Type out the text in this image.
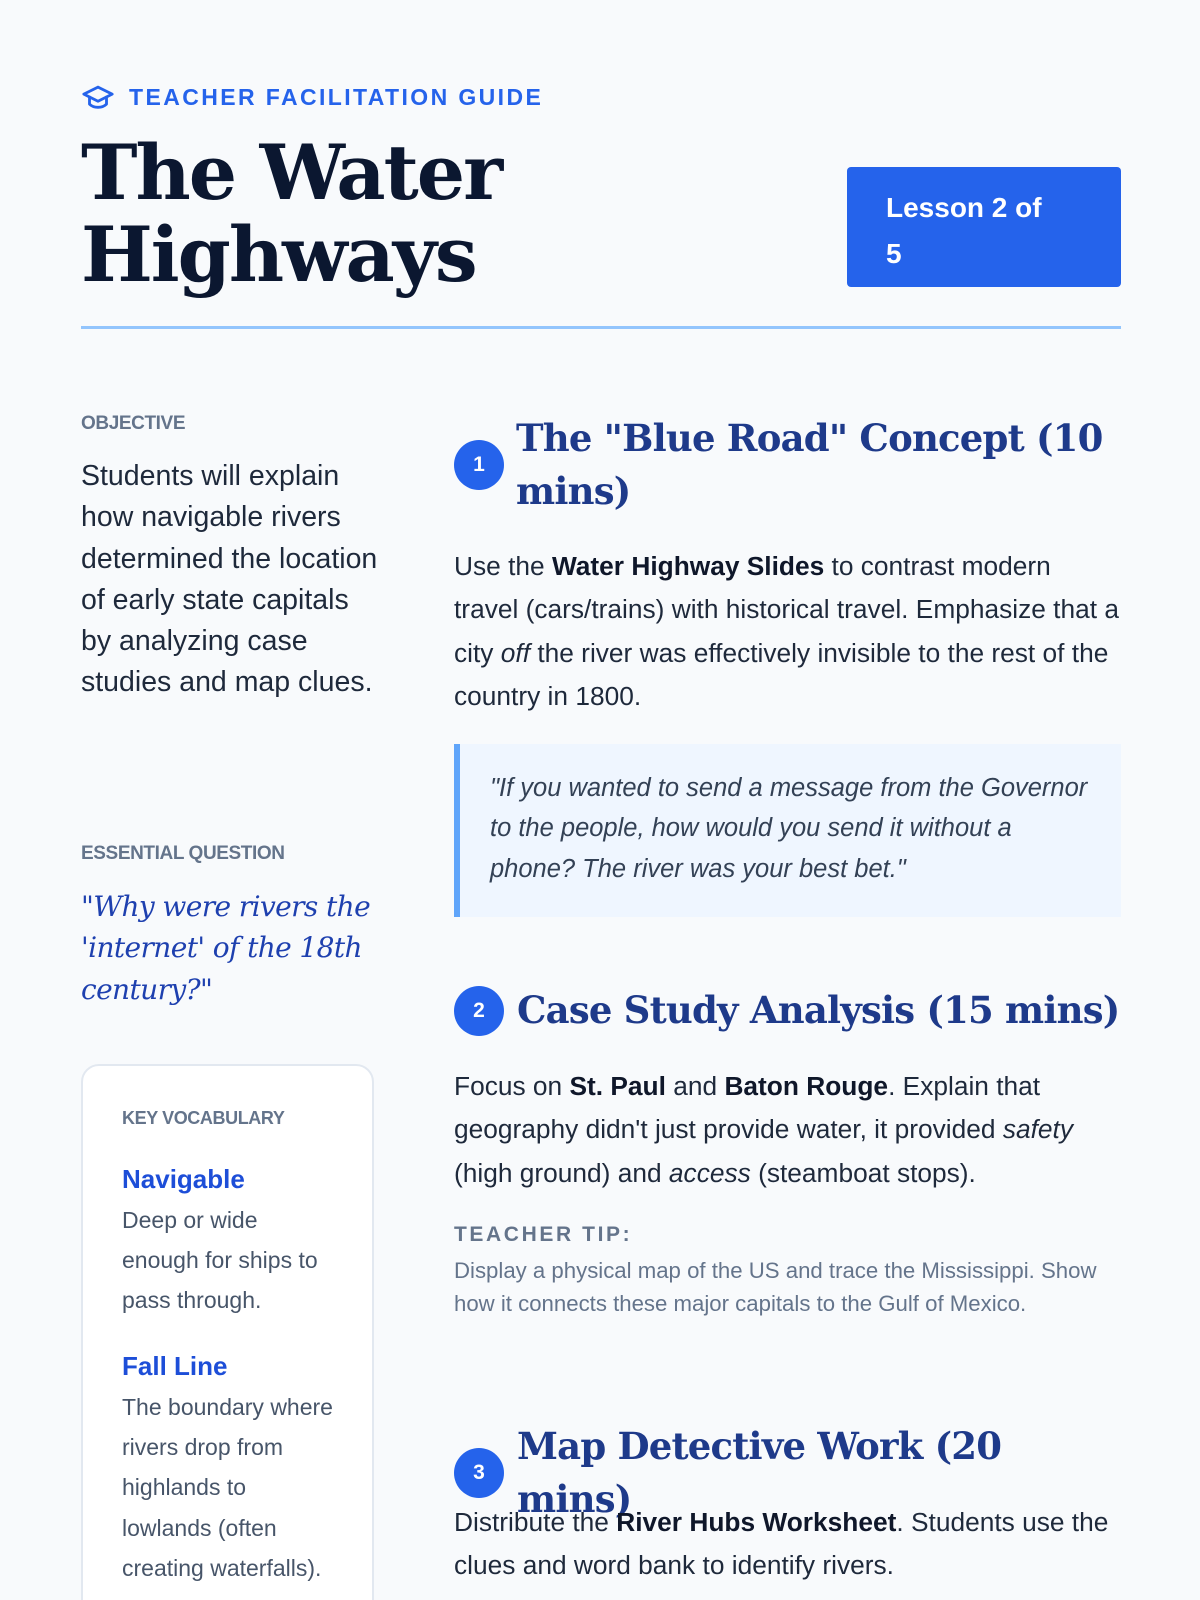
TEACHER FACILITATION GUIDE
The Water
Highways
Lesson 2 of
5
OBJECTIVE

Students will explain how navigable rivers determined the location of early state capitals by analyzing case studies and map clues.

ESSENTIAL QUESTION

"Why were rivers the 'internet' of the 18th century?"

KEY VOCABULARY
Navigable

Deep or wide enough for ships to pass through.

Fall Line

The boundary where rivers drop from highlands to lowlands (often creating waterfalls).

1
The "Blue Road" Concept (10 mins)

Use the Water Highway Slides to contrast modern travel (cars/trains) with historical travel. Emphasize that a city off the river was effectively invisible to the rest of the country in 1800.

"If you wanted to send a message from the Governor to the people, how would you send it without a phone? The river was your best bet."
2 Case Study Analysis (15 mins)

Focus on St. Paul and Baton Rouge. Explain that geography didn't just provide water, it provided safety (high ground) and access (steamboat stops).

TEACHER TIP:

Display a physical map of the US and trace the Mississippi. Show how it connects these major capitals to the Gulf of Mexico.

3
Map Detective Work (20 mins)

Distribute the River Hubs Worksheet. Students use the clues and word bank to identify rivers.
